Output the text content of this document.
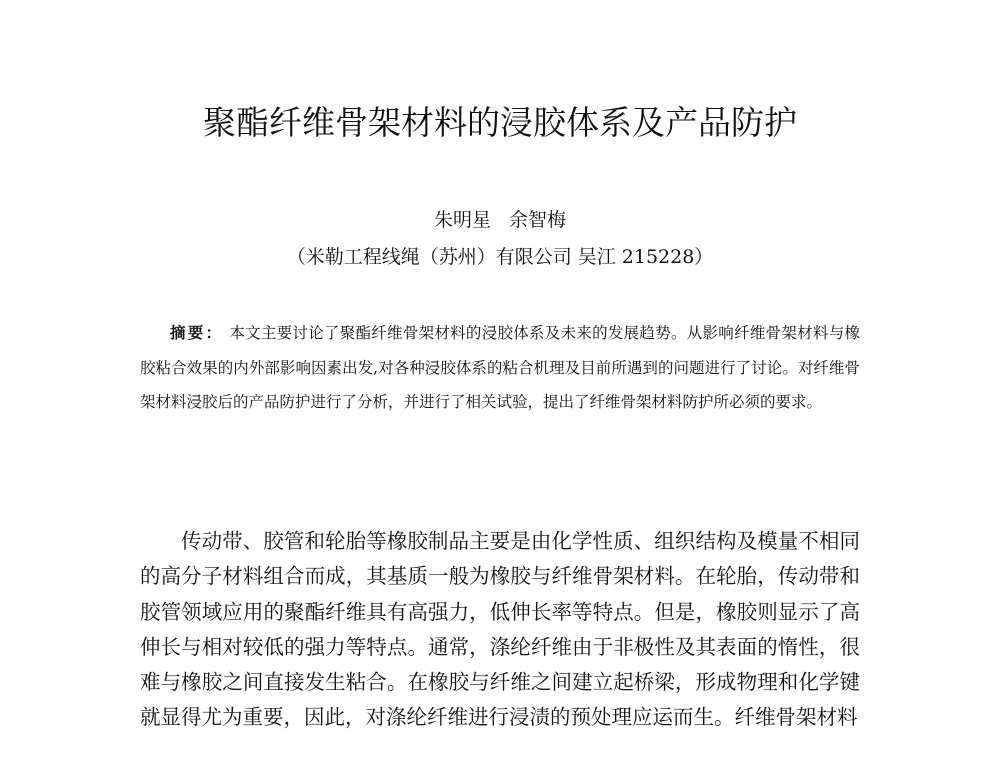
聚酯纤维骨架材料的浸胶体系及产品防护
朱明星 余智梅
（米勒工程线绳（苏州）有限公司 吴江 215228）

摘要： 本文主要讨论了聚酯纤维骨架材料的浸胶体系及未来的发展趋势。从影响纤维骨架材料与橡胶粘合效果的内外部影响因素出发,对各种浸胶体系的粘合机理及目前所遇到的问题进行了讨论。对纤维骨架材料浸胶后的产品防护进行了分析，并进行了相关试验，提出了纤维骨架材料防护所必须的要求。

传动带、胶管和轮胎等橡胶制品主要是由化学性质、组织结构及模量不相同的高分子材料组合而成，其基质一般为橡胶与纤维骨架材料。在轮胎，传动带和胶管领域应用的聚酯纤维具有高强力，低伸长率等特点。但是，橡胶则显示了高伸长与相对较低的强力等特点。通常，涤纶纤维由于非极性及其表面的惰性，很难与橡胶之间直接发生粘合。在橡胶与纤维之间建立起桥梁，形成物理和化学键就显得尤为重要，因此，对涤纶纤维进行浸渍的预处理应运而生。纤维骨架材料
